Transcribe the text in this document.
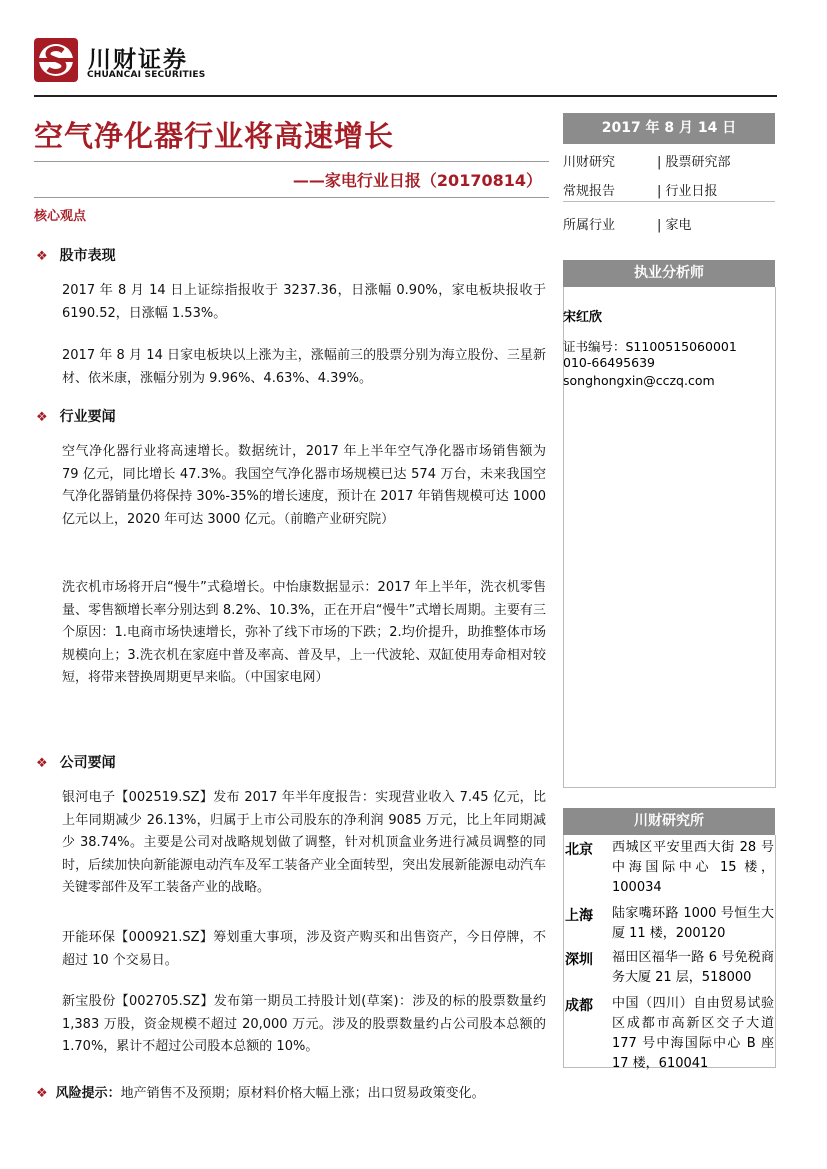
川财证券
CHUANCAI SECURITIES
空气净化器行业将高速增长
——家电行业日报（20170814）
核心观点
❖ 股市表现
2017 年 8 月 14 日上证综指报收于 3237.36，日涨幅 0.90%，家电板块报收于 6190.52，日涨幅 1.53%。
2017 年 8 月 14 日家电板块以上涨为主，涨幅前三的股票分别为海立股份、三星新材、依米康，涨幅分别为 9.96%、4.63%、4.39%。
❖ 行业要闻
空气净化器行业将高速增长。数据统计，2017 年上半年空气净化器市场销售额为 79 亿元，同比增长 47.3%。我国空气净化器市场规模已达 574 万台，未来我国空气净化器销量仍将保持 30%-35%的增长速度，预计在 2017 年销售规模可达 1000 亿元以上，2020 年可达 3000 亿元。（前瞻产业研究院）
洗衣机市场将开启“慢牛”式稳增长。中怡康数据显示：2017 年上半年，洗衣机零售量、零售额增长率分别达到 8.2%、10.3%，正在开启“慢牛”式增长周期。主要有三个原因：1.电商市场快速增长，弥补了线下市场的下跌；2.均价提升，助推整体市场规模向上；3.洗衣机在家庭中普及率高、普及早，上一代波轮、双缸使用寿命相对较短，将带来替换周期更早来临。（中国家电网）
❖ 公司要闻
银河电子【002519.SZ】发布 2017 年半年度报告：实现营业收入 7.45 亿元，比上年同期减少 26.13%，归属于上市公司股东的净利润 9085 万元，比上年同期减少 38.74%。主要是公司对战略规划做了调整，针对机顶盒业务进行减员调整的同时，后续加快向新能源电动汽车及军工装备产业全面转型，突出发展新能源电动汽车关键零部件及军工装备产业的战略。
开能环保【000921.SZ】筹划重大事项，涉及资产购买和出售资产，今日停牌，不超过 10 个交易日。
新宝股份【002705.SZ】发布第一期员工持股计划(草案)：涉及的标的股票数量约 1,383 万股，资金规模不超过 20,000 万元。涉及的股票数量约占公司股本总额的 1.70%，累计不超过公司股本总额的 10%。
❖ 风险提示：地产销售不及预期；原材料价格大幅上涨；出口贸易政策变化。
2017 年 8 月 14 日
川财研究	| 股票研究部
常规报告	| 行业日报
所属行业	| 家电
执业分析师
宋红欣
证书编号：S1100515060001
010-66495639
songhongxin@cczq.com
川财研究所
北京 西城区平安里西大街 28 号中海国际中心 15 楼，100034
上海 陆家嘴环路 1000 号恒生大厦 11 楼，200120
深圳 福田区福华一路 6 号免税商务大厦 21 层，518000
成都 中国（四川）自由贸易试验区成都市高新区交子大道 177 号中海国际中心 B 座 17 楼，610041
